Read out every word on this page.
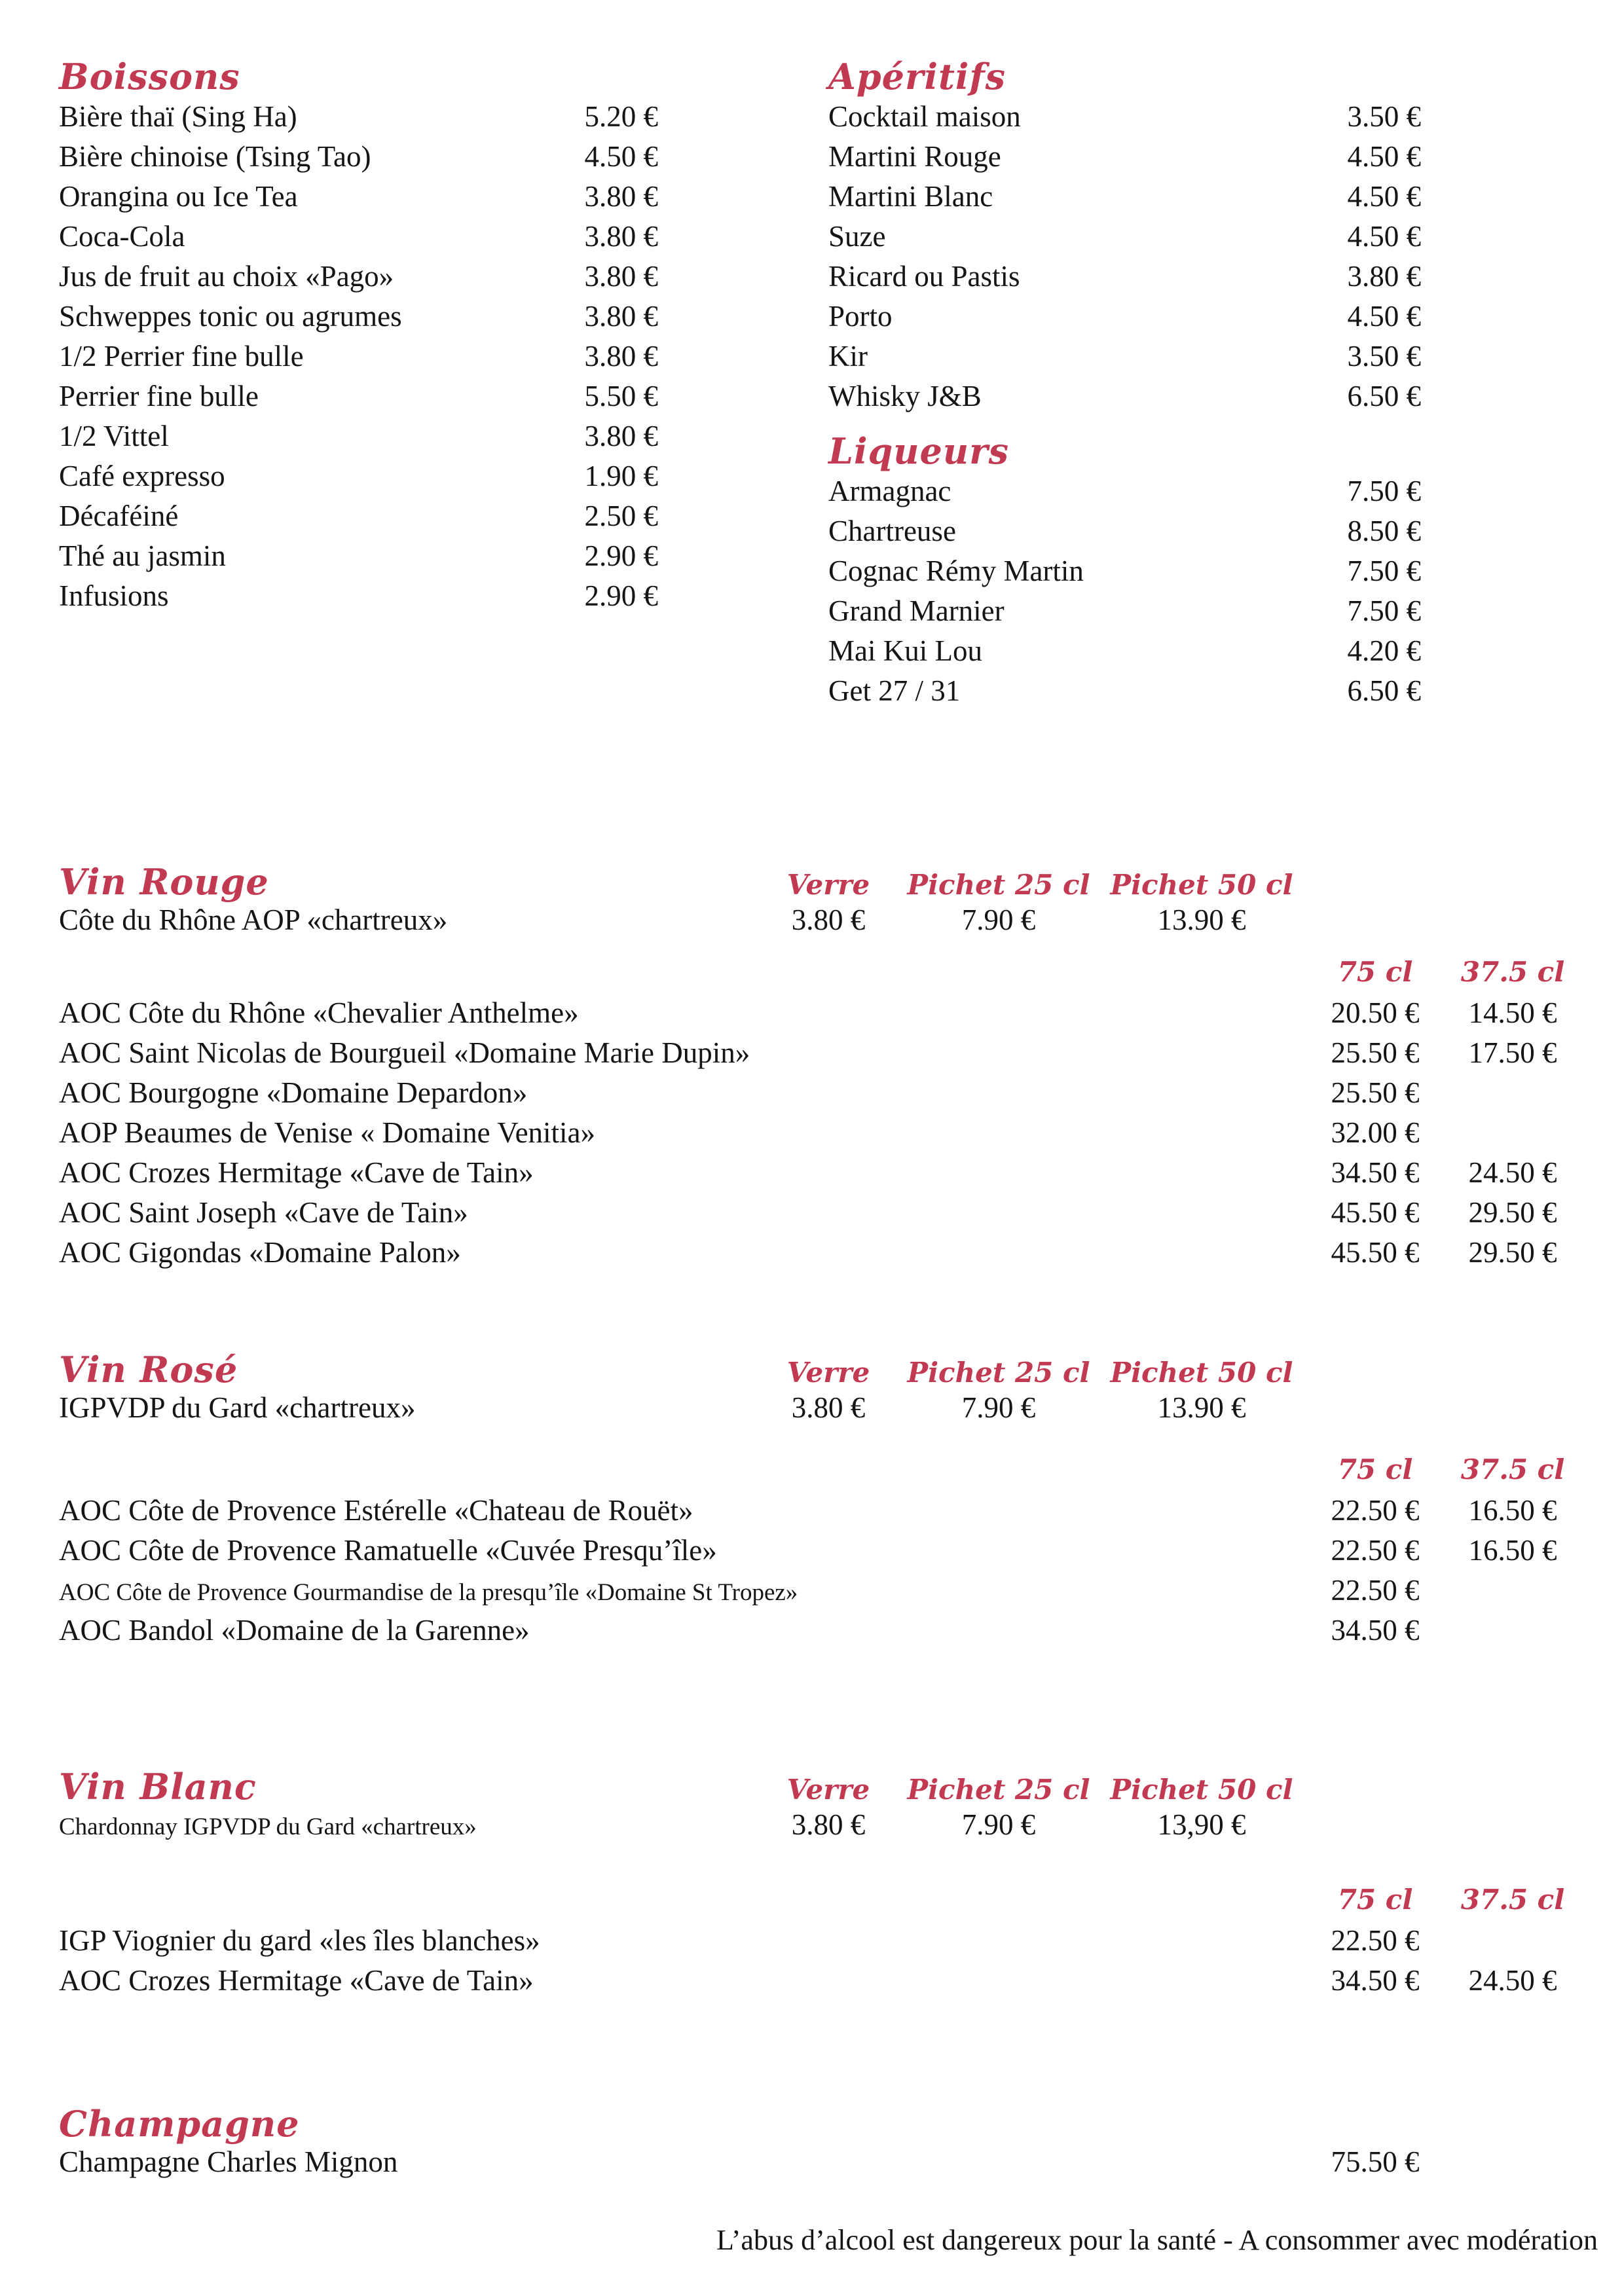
Boissons
Bière thaï (Sing Ha)	5.20 €
Bière chinoise (Tsing Tao)	4.50 €
Orangina ou Ice Tea	3.80 €
Coca-Cola	3.80 €
Jus de fruit au choix «Pago»	3.80 €
Schweppes tonic ou agrumes	3.80 €
1/2 Perrier fine bulle	3.80 €
Perrier fine bulle	5.50 €
1/2 Vittel	3.80 €
Café expresso	1.90 €
Décaféiné	2.50 €
Thé au jasmin	2.90 €
Infusions	2.90 €
Apéritifs
Cocktail maison	3.50 €
Martini Rouge	4.50 €
Martini Blanc	4.50 €
Suze	4.50 €
Ricard ou Pastis	3.80 €
Porto	4.50 €
Kir	3.50 €
Whisky J&B	6.50 €
Liqueurs
Armagnac	7.50 €
Chartreuse	8.50 €
Cognac Rémy Martin	7.50 €
Grand Marnier	7.50 €
Mai Kui Lou	4.20 €
Get 27 / 31	6.50 €
Vin Rouge	Verre	Pichet 25 cl Pichet 50 cl
Côte du Rhône AOP «chartreux»	3.80 €	7.90 €	13.90 €
75 cl	37.5 cl
AOC Côte du Rhône «Chevalier Anthelme»	20.50 €	14.50 €
AOC Saint Nicolas de Bourgueil «Domaine Marie Dupin»	25.50 €	17.50 €
AOC Bourgogne «Domaine Depardon»	25.50 €
AOP Beaumes de Venise « Domaine Venitia»	32.00 €
AOC Crozes Hermitage «Cave de Tain»	34.50 €	24.50 €
AOC Saint Joseph «Cave de Tain»	45.50 €	29.50 €
AOC Gigondas «Domaine Palon»	45.50 €	29.50 €
Vin Rosé	Verre	Pichet 25 cl Pichet 50 cl
IGPVDP du Gard «chartreux»	3.80 €	7.90 €	13.90 €
75 cl	37.5 cl
AOC Côte de Provence Estérelle «Chateau de Rouët»	22.50 €	16.50 €
AOC Côte de Provence Ramatuelle «Cuvée Presqu’île»	22.50 €	16.50 €
AOC Côte de Provence Gourmandise de la presqu’île «Domaine St Tropez»	22.50 €
AOC Bandol «Domaine de la Garenne»	34.50 €
Vin Blanc	Verre	Pichet 25 cl Pichet 50 cl
Chardonnay IGPVDP du Gard «chartreux»	3.80 €	7.90 €	13,90 €
75 cl	37.5 cl
IGP Viognier du gard «les îles blanches»	22.50 €
AOC Crozes Hermitage «Cave de Tain»	34.50 €	24.50 €
Champagne
Champagne Charles Mignon	75.50 €
L’abus d’alcool est dangereux pour la santé - A consommer avec modération
